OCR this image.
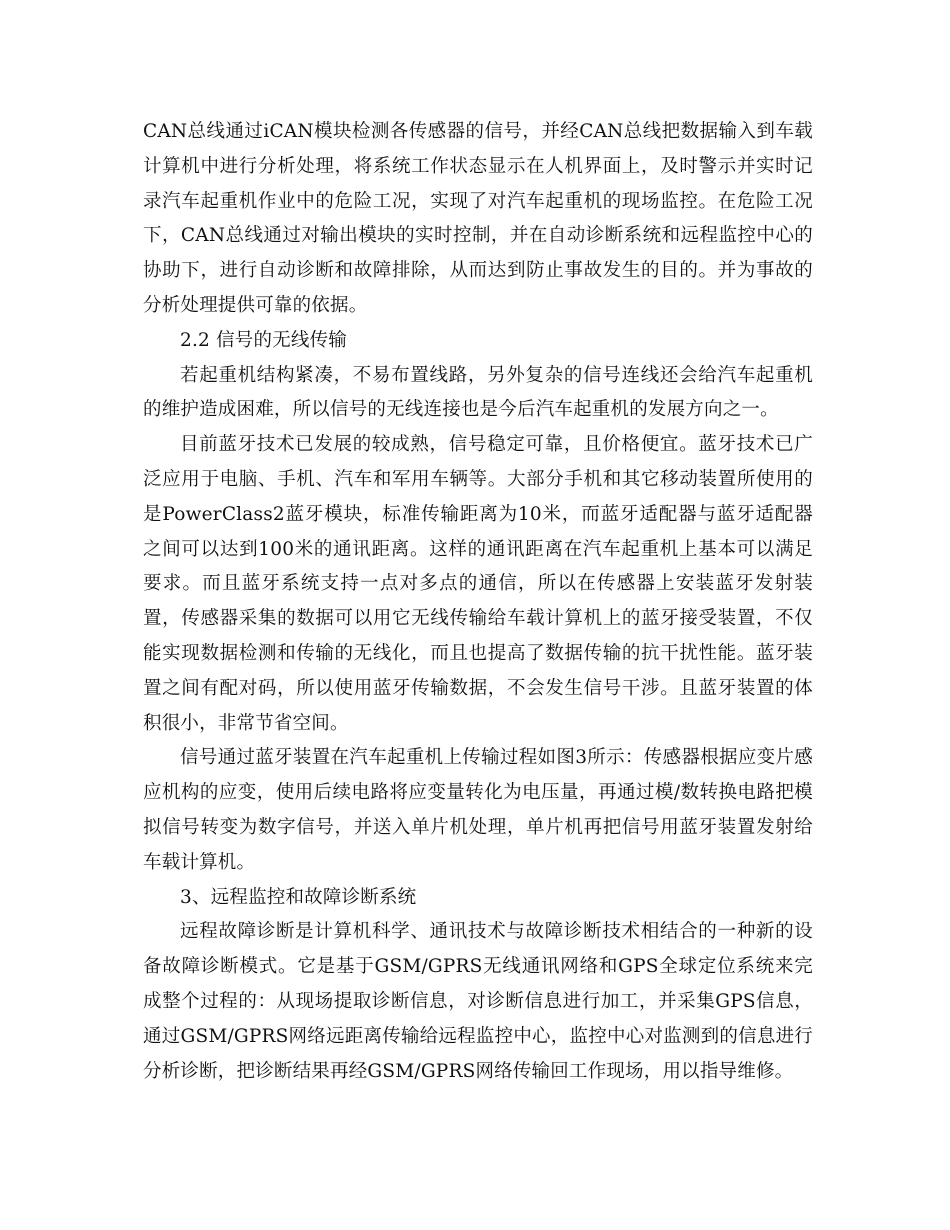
CAN总线通过iCAN模块检测各传感器的信号，并经CAN总线把数据输入到车载计算机中进行分析处理，将系统工作状态显示在人机界面上，及时警示并实时记录汽车起重机作业中的危险工况，实现了对汽车起重机的现场监控。在危险工况下，CAN总线通过对输出模块的实时控制，并在自动诊断系统和远程监控中心的协助下，进行自动诊断和故障排除，从而达到防止事故发生的目的。并为事故的分析处理提供可靠的依据。

2.2 信号的无线传输

若起重机结构紧凑，不易布置线路，另外复杂的信号连线还会给汽车起重机的维护造成困难，所以信号的无线连接也是今后汽车起重机的发展方向之一。

目前蓝牙技术已发展的较成熟，信号稳定可靠，且价格便宜。蓝牙技术已广泛应用于电脑、手机、汽车和军用车辆等。大部分手机和其它移动装置所使用的是PowerClass2蓝牙模块，标准传输距离为10米，而蓝牙适配器与蓝牙适配器之间可以达到100米的通讯距离。这样的通讯距离在汽车起重机上基本可以满足要求。而且蓝牙系统支持一点对多点的通信，所以在传感器上安装蓝牙发射装置，传感器采集的数据可以用它无线传输给车载计算机上的蓝牙接受装置，不仅能实现数据检测和传输的无线化，而且也提高了数据传输的抗干扰性能。蓝牙装置之间有配对码，所以使用蓝牙传输数据，不会发生信号干涉。且蓝牙装置的体积很小，非常节省空间。

信号通过蓝牙装置在汽车起重机上传输过程如图3所示：传感器根据应变片感应机构的应变，使用后续电路将应变量转化为电压量，再通过模/数转换电路把模拟信号转变为数字信号，并送入单片机处理，单片机再把信号用蓝牙装置发射给车载计算机。

3、远程监控和故障诊断系统

远程故障诊断是计算机科学、通讯技术与故障诊断技术相结合的一种新的设备故障诊断模式。它是基于GSM/GPRS无线通讯网络和GPS全球定位系统来完成整个过程的：从现场提取诊断信息，对诊断信息进行加工，并采集GPS信息，通过GSM/GPRS网络远距离传输给远程监控中心，监控中心对监测到的信息进行分析诊断，把诊断结果再经GSM/GPRS网络传输回工作现场，用以指导维修。
